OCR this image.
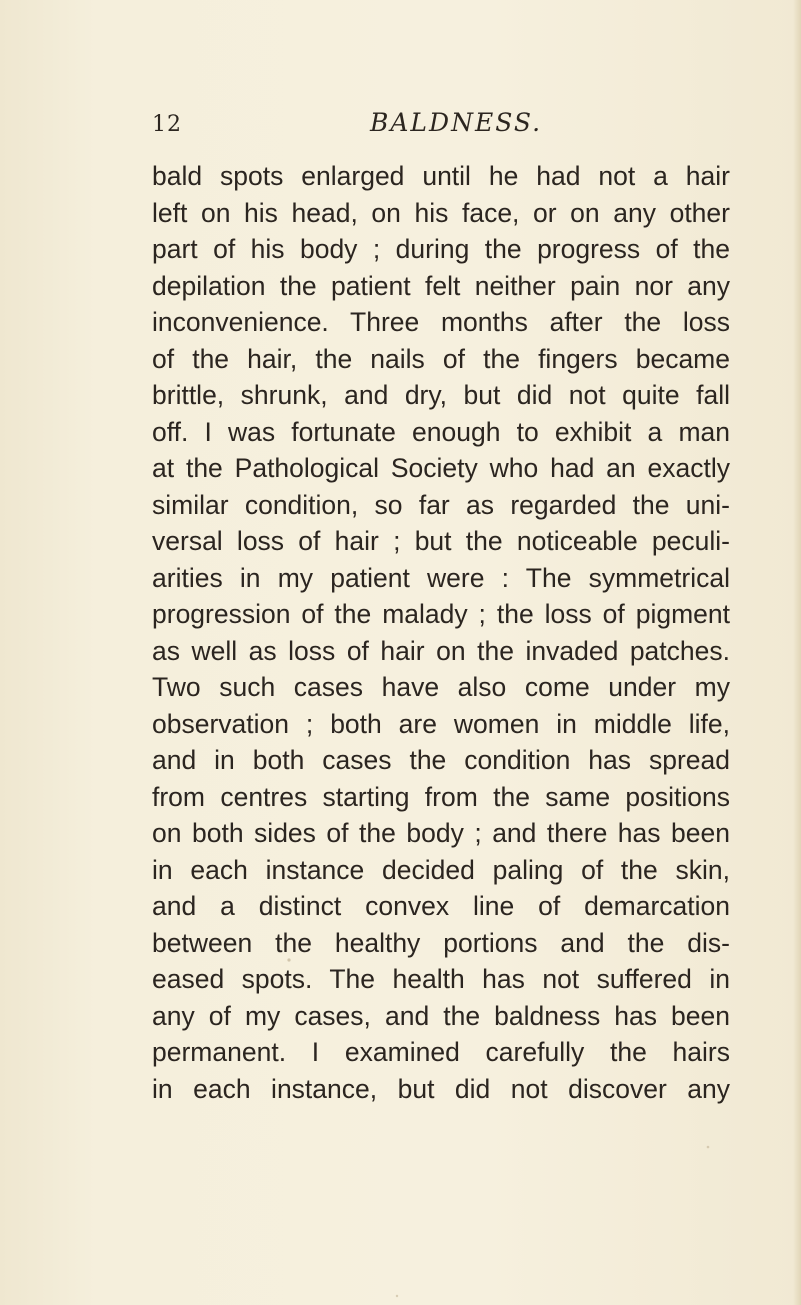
12	BALDNESS.
bald spots enlarged until he had not a hair
left on his head, on his face, or on any other
part of his body ; during the progress of the
depilation the patient felt neither pain nor any
inconvenience. Three months after the loss
of the hair, the nails of the fingers became
brittle, shrunk, and dry, but did not quite fall
off. I was fortunate enough to exhibit a man
at the Pathological Society who had an exactly
similar condition, so far as regarded the uni-
versal loss of hair ; but the noticeable peculi-
arities in my patient were : The symmetrical
progression of the malady ; the loss of pigment
as well as loss of hair on the invaded patches.
Two such cases have also come under my
observation ; both are women in middle life,
and in both cases the condition has spread
from centres starting from the same positions
on both sides of the body ; and there has been
in each instance decided paling of the skin,
and a distinct convex line of demarcation
between the healthy portions and the dis-
eased spots. The health has not suffered in
any of my cases, and the baldness has been
permanent. I examined carefully the hairs
in each instance, but did not discover any
